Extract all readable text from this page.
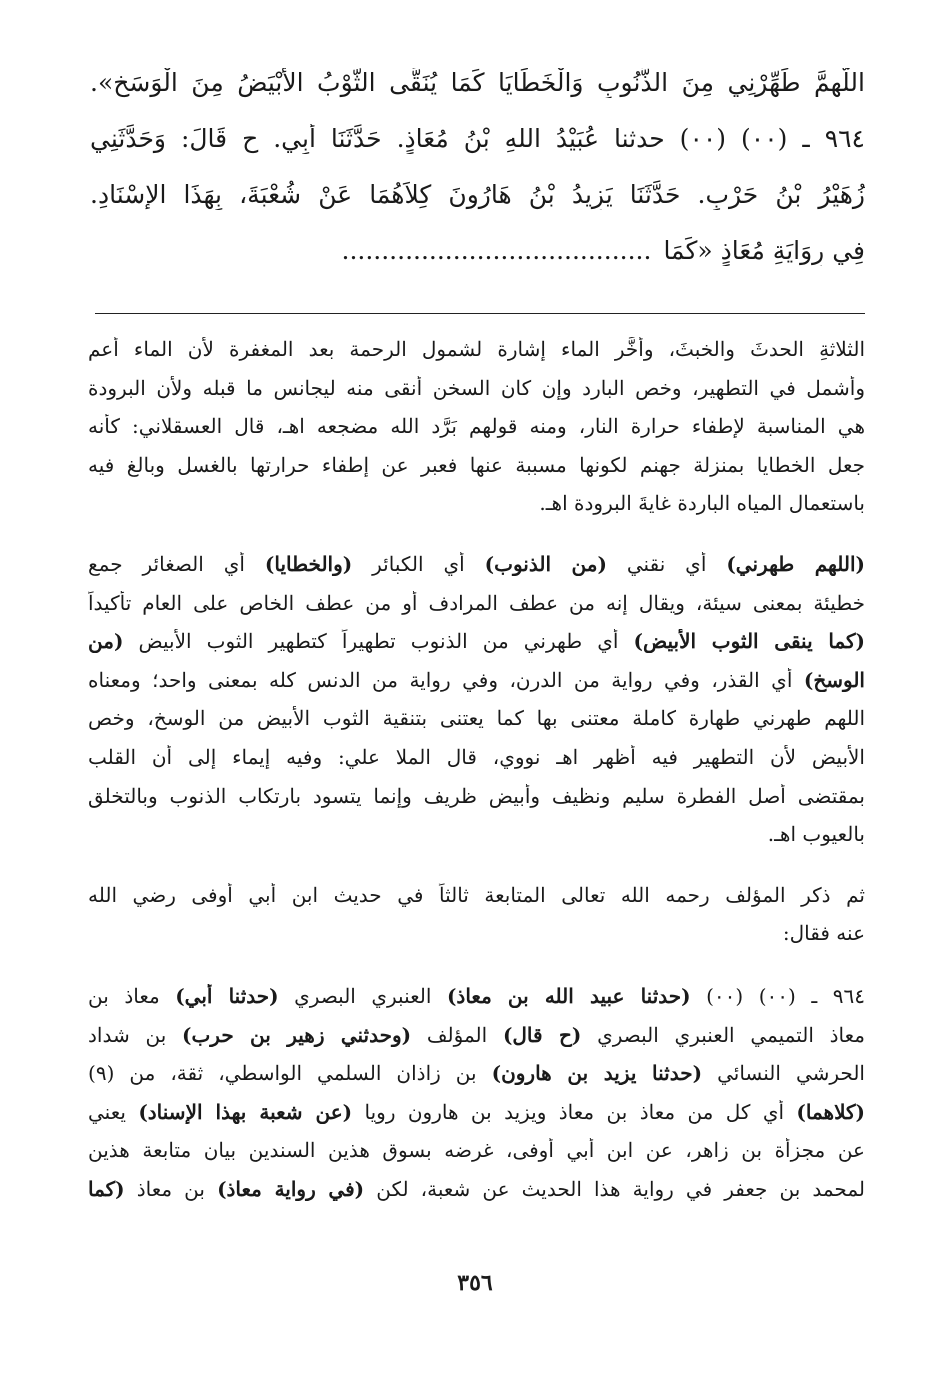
اللَّهمَّ طَهِّرْنِي مِنَ الذُّنُوبِ وَالْخَطَايَا كَمَا يُنَقَّى الثَّوْبُ الأَبْيَضُ مِنَ الْوَسَخِ».
٩٦٤ ـ (٠٠) (٠٠) حدثنا عُبَيْدُ اللهِ بْنُ مُعَاذٍ. حَدَّثَنَا أَبِي. ح قَالَ: وَحَدَّثَنِي
زُهَيْرُ بْنُ حَرْبٍ. حَدَّثَنَا يَزِيدُ بْنُ هَارُونَ كِلاَهُمَا عَنْ شُعْبَةَ، بِهَذَا الإِسْنَادِ.
فِي رِوَايَةِ مُعَاذٍ «كَمَا.......................................
الثلاثةِ الحدثَ والخبثَ، وأخَّر الماء إشارة لشمول الرحمة بعد المغفرة لأن الماء أعم
وأشمل في التطهير، وخص البارد وإن كان السخن أنقى منه ليجانس ما قبله ولأن البرودة
هي المناسبة لإطفاء حرارة النار، ومنه قولهم بَرَّد الله مضجعه اهـ، قال العسقلاني: كأنه
جعل الخطايا بمنزلة جهنم لكونها مسببة عنها فعبر عن إطفاء حرارتها بالغسل وبالغ فيه
باستعمال المياه الباردة غايةَ البرودة اهـ.
(اللهم طهرني) أي نقني (من الذنوب) أي الكبائر (والخطايا) أي الصغائر جمع
خطيئة بمعنى سيئة، ويقال إنه من عطف المرادف أو من عطف الخاص على العام تأكيداً
(كما ينقى الثوب الأبيض) أي طهرني من الذنوب تطهيراً كتطهير الثوب الأبيض (من
الوسخ) أي القذر، وفي رواية من الدرن، وفي رواية من الدنس كله بمعنى واحد؛ ومعناه
اللهم طهرني طهارة كاملة معتنى بها كما يعتنى بتنقية الثوب الأبيض من الوسخ، وخص
الأبيض لأن التطهير فيه أظهر اهـ نووي، قال الملا علي: وفيه إيماء إلى أن القلب
بمقتضى أصل الفطرة سليم ونظيف وأبيض ظريف وإنما يتسود بارتكاب الذنوب وبالتخلق
بالعيوب اهـ.
ثم ذكر المؤلف رحمه الله تعالى المتابعة ثالثاً في حديث ابن أبي أوفى رضي الله
عنه فقال:
٩٦٤ ـ (٠٠) (٠٠) (حدثنا عبيد الله بن معاذ) العنبري البصري (حدثنا أبي) معاذ بن
معاذ التميمي العنبري البصري (ح قال) المؤلف (وحدثني زهير بن حرب) بن شداد
الحرشي النسائي (حدثنا يزيد بن هارون) بن زاذان السلمي الواسطي، ثقة، من (٩)
(كلاهما) أي كل من معاذ بن معاذ ويزيد بن هارون رويا (عن شعبة بهذا الإسناد) يعني
عن مجزأة بن زاهر، عن ابن أبي أوفى، غرضه بسوق هذين السندين بيان متابعة هذين
لمحمد بن جعفر في رواية هذا الحديث عن شعبة، لكن (في رواية معاذ) بن معاذ (كما
٣٥٦
